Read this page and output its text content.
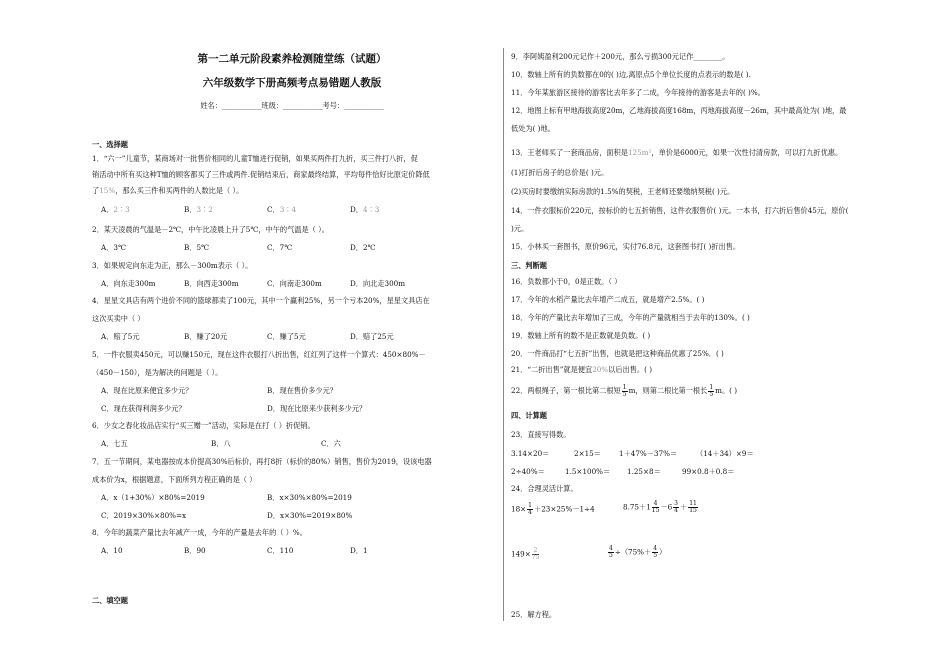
第一二单元阶段素养检测随堂练（试题）
六年级数学下册高频考点易错题人教版
姓名：___________班级：___________考号：___________
一、选择题
1．“六一”儿童节，某商场对一批售价相同的儿童T恤进行促销，如果买两件打九折，买三件打八折，促
销活动中所有买这种T恤的顾客都买了三件或两件.促销结束后，商家最终结算，平均每件恰好比原定价降低
了15%，那么买三件和买两件的人数比是（ ）。
A．2∶3	B．3∶2	C．3∶4	D．4∶3
2．某天凌晨的气温是－2℃，中午比凌晨上升了5℃，中午的气温是（ ）。
A．3℃	B．5℃	C．7℃	D．2℃
3．如果规定向东走为正，那么－300m表示（ ）。
A．向东走300m	B．向西走300m	C．向南走300m	D．向北走300m
4．星星文具店有两个进价不同的篮球都卖了100元，其中一个赢利25%，另一个亏本20%，星星文具店在
这次买卖中（ ）
A．赔了5元	B．赚了20元	C．赚了5元	D．赔了25元
5．一件衣服卖450元，可以赚150元，现在这件衣服打八折出售，红红列了这样一个算式：450×80%－
（450－150），是为解决的问题是（ ）。
A．现在比原来便宜多少元？	B．现在售价多少元？
C．现在获得利润多少元？	D．现在比原来少获利多少元？
6．少女之春化妆品店实行“买三赠一”活动，实际是在打（ ）折促销。
A．七五	B．八	C．六
7．五一节期间，某电器按成本价提高30%后标价，再打8折（标价的80%）销售，售价为2019，设该电器
成本价为x，根据题意，下面所列方程正确的是（ ）
A．x（1+30%）×80%=2019	B．x×30%×80%=2019
C．2019×30%×80%=x	D．x×30%=2019×80%
8．今年的蔬菜产量比去年减产一成，今年的产量是去年的（ ）%。
A．10	B．90	C．110	D．1
二、填空题
9．李阿姨盈利200元记作＋200元，那么亏损300元记作________。
10．数轴上所有的负数都在0的( )边,离原点5个单位长度的点表示的数是( ).
11．今年某旅游区接待的游客比去年多了二成，今年接待的游客是去年的( )%。
12．地图上标有甲地海拔高度20m，乙地海拔高度168m，丙地海拔高度－26m，其中最高处为( )地，最
低处为( )地。
13．王老师买了一套商品房，面积是125m²，单价是6000元，如果一次性付清房款，可以打九折优惠。
(1)打折后房子的总价是( )元。
(2)买房时要缴纳实际房款的1.5%的契税，王老师还要缴纳契税( )元。
14．一件衣服标价220元，按标价的七五折销售，这件衣服售价( )元。一本书，打六折后售价45元，原价(
)元。
15．小林买一套图书，原价96元，实付76.8元，这套图书打( )折出售。
三、判断题
16．负数都小于0，0是正数。（ ）
17．今年的水稻产量比去年增产二成五，就是增产2.5%。( )
18．今年的产量比去年增加了三成，今年的产量就相当于去年的130%。( )
19．数轴上所有的数不是正数就是负数。( )
20．一件商品打“七五折”出售，也就是把这种商品优惠了25%．( )
21．“二折出售”就是便宜20%以后出售。( )
22．两根绳子，第一根比第二根短 $\frac{1}{5}$ m，则第二根比第一根长 $\frac{1}{5}$ m。( )
四、计算题
23．直接写得数。
3.14×20＝	2×15＝	1＋47%－37%＝	（14＋34）×9＝
2÷40%＝	1.5×100%＝ 1.25×8＝	99×0.8＋0.8＝
24．合理灵活计算。
$18\times \frac{1}{4} +23\times 25\%-1\div 4$	$8.75+1 \frac{4}{15} -6 \frac{3}{4} + \frac{11}{15}$
$149\times \frac{2}{75}$	$\frac{4}{5} \div(75\%+ \frac{4}{5}$ ）
25．解方程。
